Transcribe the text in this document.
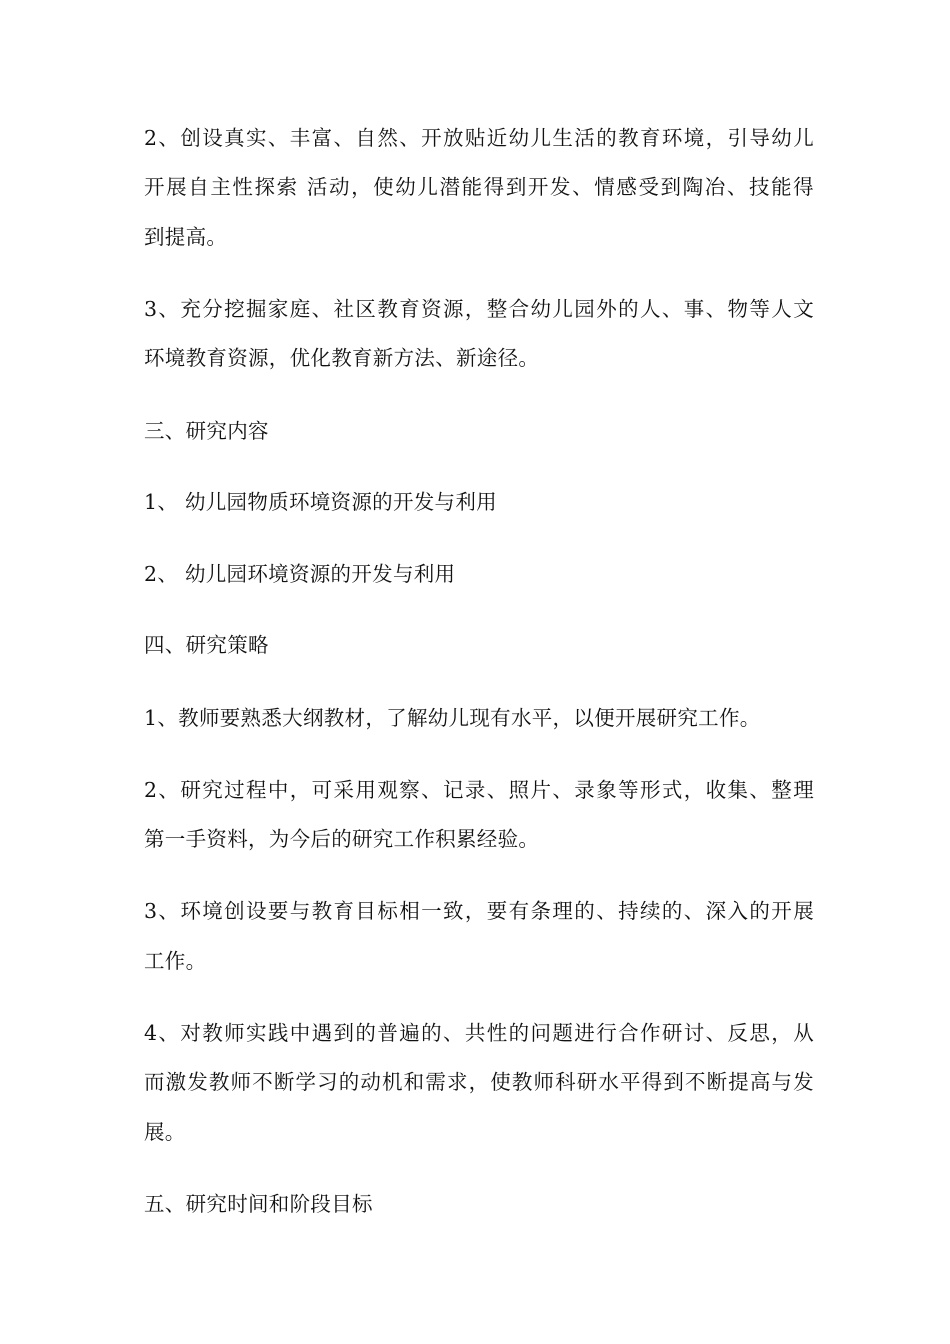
2、创设真实、丰富、自然、开放贴近幼儿生活的教育环境，引导幼儿
开展自主性探索 活动，使幼儿潜能得到开发、情感受到陶冶、技能得
到提高。
3、充分挖掘家庭、社区教育资源，整合幼儿园外的人、事、物等人文
环境教育资源，优化教育新方法、新途径。
三、研究内容
1、 幼儿园物质环境资源的开发与利用
2、 幼儿园环境资源的开发与利用
四、研究策略
1、教师要熟悉大纲教材，了解幼儿现有水平，以便开展研究工作。
2、研究过程中，可采用观察、记录、照片、录象等形式，收集、整理
第一手资料，为今后的研究工作积累经验。
3、环境创设要与教育目标相一致，要有条理的、持续的、深入的开展
工作。
4、对教师实践中遇到的普遍的、共性的问题进行合作研讨、反思，从
而激发教师不断学习的动机和需求，使教师科研水平得到不断提高与发
展。
五、研究时间和阶段目标
